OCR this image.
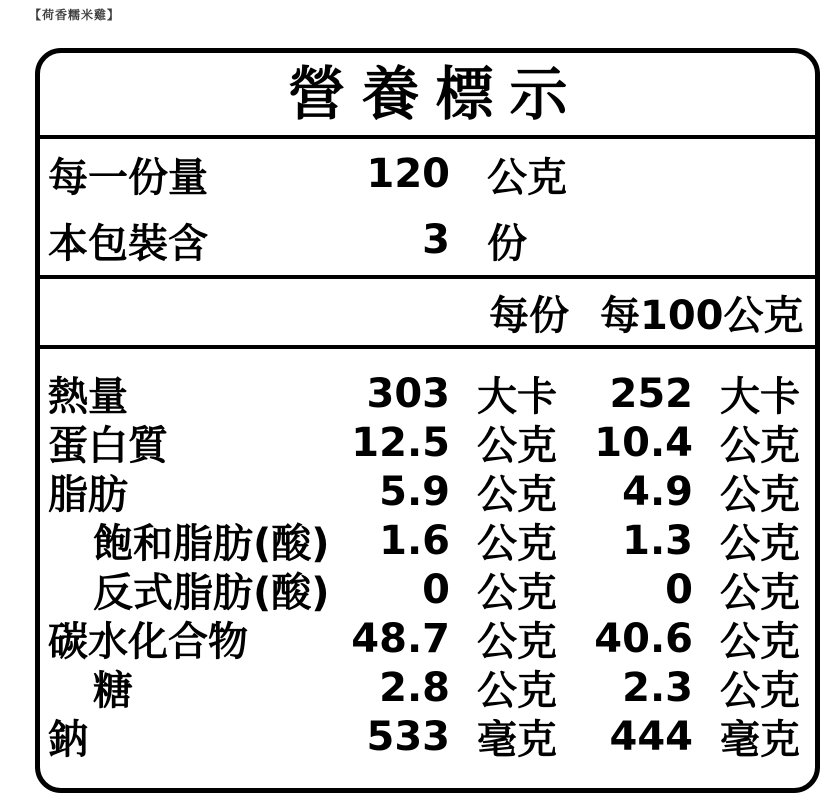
【荷香糯米雞】
營養標示
每一份量	120 公克
本包裝含	3 份
每份 每100公克
熱量	303 大卡	252 大卡
蛋白質	12.5 公克 10.4 公克
脂肪	5.9 公克	4.9 公克
飽和脂肪(酸)	1.6 公克	1.3 公克
反式脂肪(酸)	0 公克	0 公克
碳水化合物	48.7 公克 40.6 公克
糖	2.8 公克	2.3 公克
鈉	533 毫克	444 毫克
